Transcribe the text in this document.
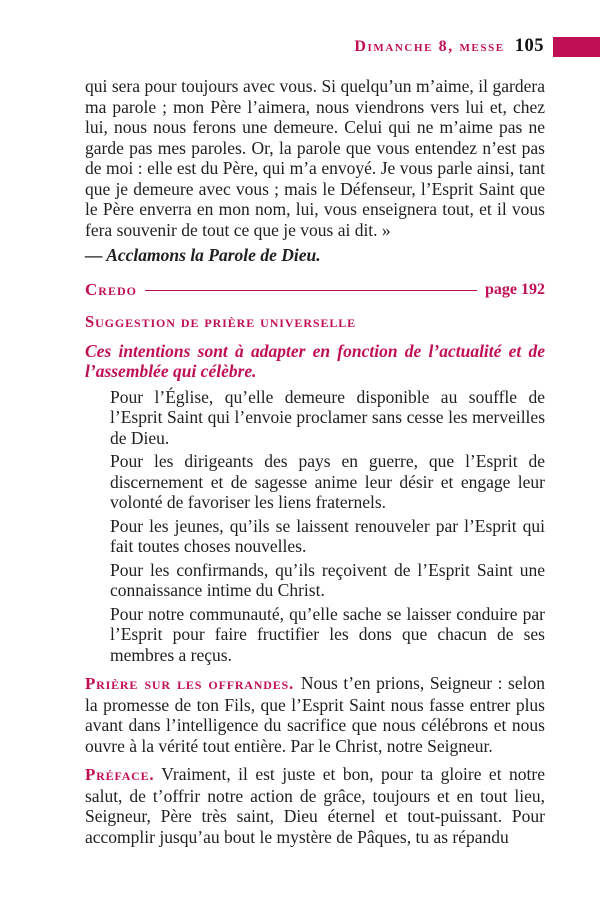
Dimanche 8, messe 105

qui sera pour toujours avec vous. Si quelqu’un m’aime, il gardera ma parole ; mon Père l’aimera, nous viendrons vers lui et, chez lui, nous nous ferons une demeure. Celui qui ne m’aime pas ne garde pas mes paroles. Or, la parole que vous entendez n’est pas de moi : elle est du Père, qui m’a envoyé. Je vous parle ainsi, tant que je demeure avec vous ; mais le Défenseur, l’Esprit Saint que le Père enverra en mon nom, lui, vous enseignera tout, et il vous fera souvenir de tout ce que je vous ai dit. »

— Acclamons la Parole de Dieu.

Credo	page 192
Suggestion de prière universelle

Ces intentions sont à adapter en fonction de l’actualité et de l’assemblée qui célèbre.

Pour l’Église, qu’elle demeure disponible au souffle de l’Esprit Saint qui l’envoie proclamer sans cesse les merveilles de Dieu.

Pour les dirigeants des pays en guerre, que l’Esprit de discernement et de sagesse anime leur désir et engage leur volonté de favoriser les liens fraternels.

Pour les jeunes, qu’ils se laissent renouveler par l’Esprit qui fait toutes choses nouvelles.

Pour les confirmands, qu’ils reçoivent de l’Esprit Saint une connaissance intime du Christ.

Pour notre communauté, qu’elle sache se laisser conduire par l’Esprit pour faire fructifier les dons que chacun de ses membres a reçus.

Prière sur les offrandes. Nous t’en prions, Seigneur : selon la promesse de ton Fils, que l’Esprit Saint nous fasse entrer plus avant dans l’intelligence du sacrifice que nous célébrons et nous ouvre à la vérité tout entière. Par le Christ, notre Seigneur.

Préface. Vraiment, il est juste et bon, pour ta gloire et notre salut, de t’offrir notre action de grâce, toujours et en tout lieu, Seigneur, Père très saint, Dieu éternel et tout-puissant. Pour accomplir jusqu’au bout le mystère de Pâques, tu as répandu
